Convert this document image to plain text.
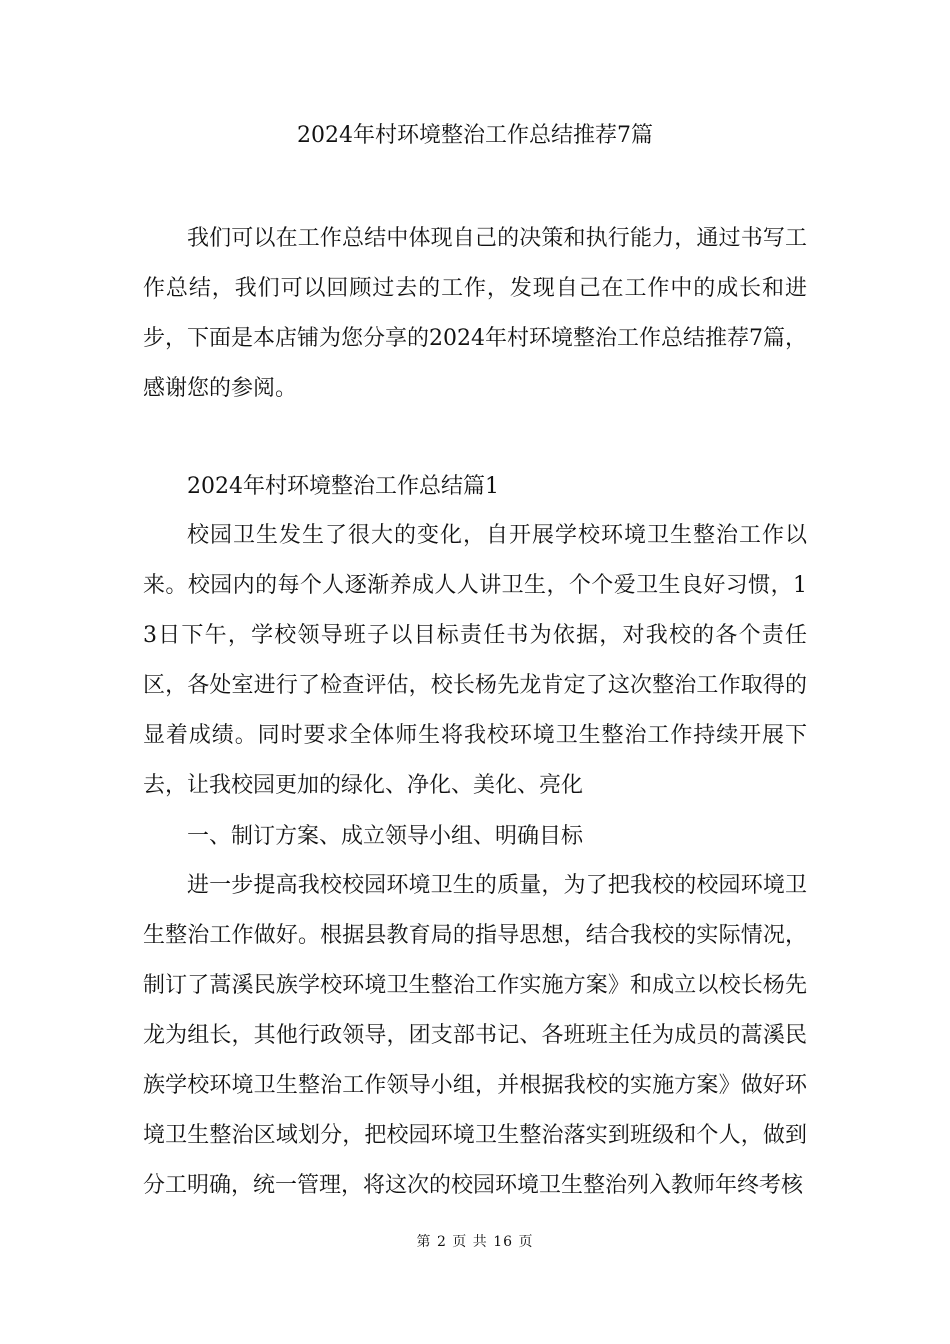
2024年村环境整治工作总结推荐7篇

我们可以在工作总结中体现自己的决策和执行能力，通过书写工作总结，我们可以回顾过去的工作，发现自己在工作中的成长和进步，下面是本店铺为您分享的2024年村环境整治工作总结推荐7篇，感谢您的参阅。

2024年村环境整治工作总结篇1

校园卫生发生了很大的变化，自开展学校环境卫生整治工作以来。校园内的每个人逐渐养成人人讲卫生，个个爱卫生良好习惯，13日下午，学校领导班子以目标责任书为依据，对我校的各个责任区，各处室进行了检查评估，校长杨先龙肯定了这次整治工作取得的显着成绩。同时要求全体师生将我校环境卫生整治工作持续开展下去，让我校园更加的绿化、净化、美化、亮化

一、制订方案、成立领导小组、明确目标

进一步提高我校校园环境卫生的质量，为了把我校的校园环境卫生整治工作做好。根据县教育局的指导思想，结合我校的实际情况，制订了蒿溪民族学校环境卫生整治工作实施方案》和成立以校长杨先龙为组长，其他行政领导，团支部书记、各班班主任为成员的蒿溪民族学校环境卫生整治工作领导小组，并根据我校的实施方案》做好环境卫生整治区域划分，把校园环境卫生整治落实到班级和个人，做到分工明确，统一管理，将这次的校园环境卫生整治列入教师年终考核

第 2 页 共 16 页
